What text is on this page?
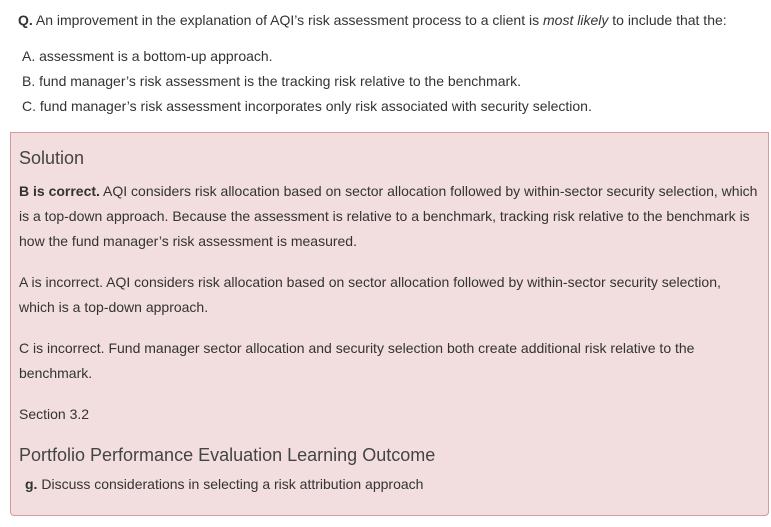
Q. An improvement in the explanation of AQI’s risk assessment process to a client is most likely to include that the:

A. assessment is a bottom-up approach.
B. fund manager’s risk assessment is the tracking risk relative to the benchmark.
C. fund manager’s risk assessment incorporates only risk associated with security selection.
Solution

B is correct. AQI considers risk allocation based on sector allocation followed by within-sector security selection, which is a top-down approach. Because the assessment is relative to a benchmark, tracking risk relative to the benchmark is how the fund manager’s risk assessment is measured.

A is incorrect. AQI considers risk allocation based on sector allocation followed by within-sector security selection, which is a top-down approach.

C is incorrect. Fund manager sector allocation and security selection both create additional risk relative to the benchmark.

Section 3.2

Portfolio Performance Evaluation Learning Outcome
g. Discuss considerations in selecting a risk attribution approach
